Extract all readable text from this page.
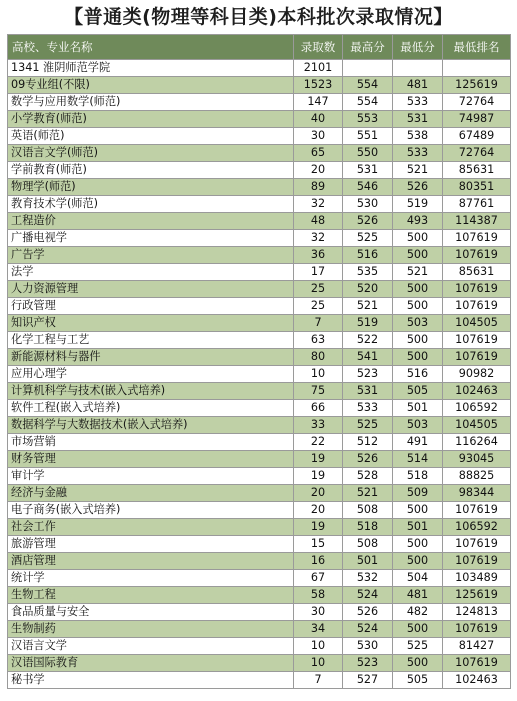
【普通类(物理等科目类)本科批次录取情况】
高校、专业名称	录取数	最高分	最低分	最低排名
1341 淮阴师范学院	2101			
09专业组(不限)	1523	554	481	125619
数学与应用数学(师范)	147	554	533	72764
小学教育(师范)	40	553	531	74987
英语(师范)	30	551	538	67489
汉语言文学(师范)	65	550	533	72764
学前教育(师范)	20	531	521	85631
物理学(师范)	89	546	526	80351
教育技术学(师范)	32	530	519	87761
工程造价	48	526	493	114387
广播电视学	32	525	500	107619
广告学	36	516	500	107619
法学	17	535	521	85631
人力资源管理	25	520	500	107619
行政管理	25	521	500	107619
知识产权	7	519	503	104505
化学工程与工艺	63	522	500	107619
新能源材料与器件	80	541	500	107619
应用心理学	10	523	516	90982
计算机科学与技术(嵌入式培养)	75	531	505	102463
软件工程(嵌入式培养)	66	533	501	106592
数据科学与大数据技术(嵌入式培养)	33	525	503	104505
市场营销	22	512	491	116264
财务管理	19	526	514	93045
审计学	19	528	518	88825
经济与金融	20	521	509	98344
电子商务(嵌入式培养)	20	508	500	107619
社会工作	19	518	501	106592
旅游管理	15	508	500	107619
酒店管理	16	501	500	107619
统计学	67	532	504	103489
生物工程	58	524	481	125619
食品质量与安全	30	526	482	124813
生物制药	34	524	500	107619
汉语言文学	10	530	525	81427
汉语国际教育	10	523	500	107619
秘书学	7	527	505	102463
